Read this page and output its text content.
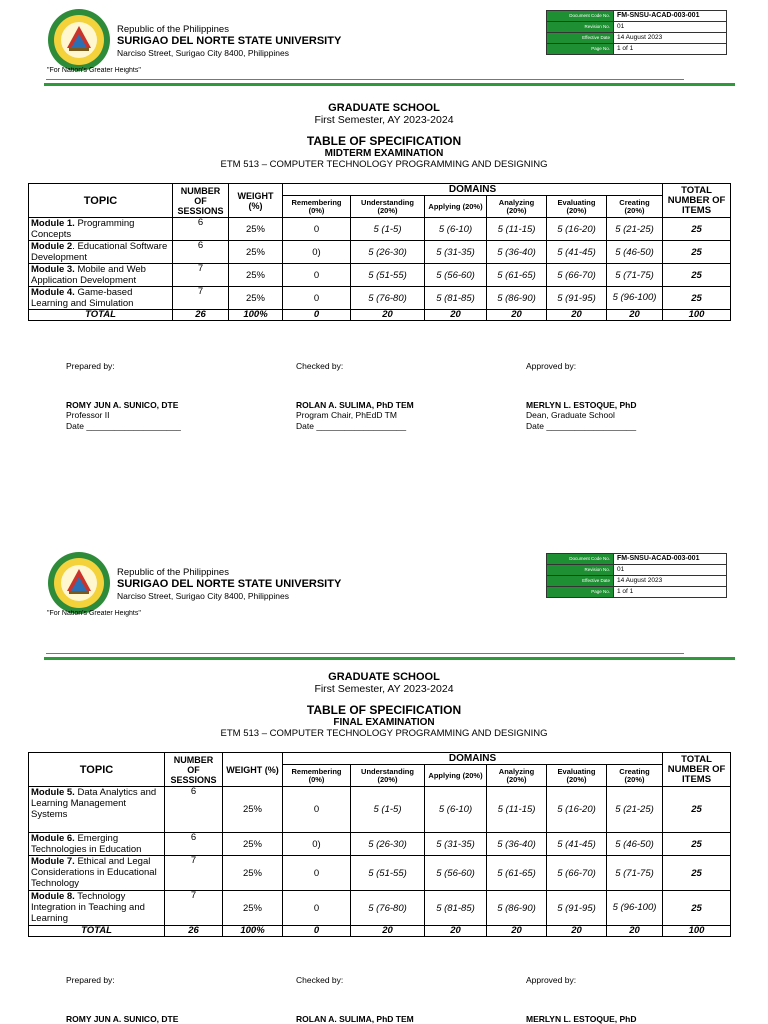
"For Nation's Greater Heights"
Republic of the Philippines
SURIGAO DEL NORTE STATE UNIVERSITY
Narciso Street, Surigao City 8400, Philippines
Document Code No.	FM-SNSU-ACAD-003-001
Revision No.	01
Effective Date	14 August 2023
Page No.	1 of 1
GRADUATE SCHOOL
First Semester, AY 2023-2024
TABLE OF SPECIFICATION
MIDTERM EXAMINATION
ETM 513 – COMPUTER TECHNOLOGY PROGRAMMING AND DESIGNING
TOPIC	NUMBER OF SESSIONS	WEIGHT (%)	DOMAINS						TOTAL NUMBER OF ITEMS
			Remembering (0%)	Understanding (20%)	Applying (20%)	Analyzing (20%)	Evaluating (20%)	Creating (20%)	
Module 1. Programming Concepts	6	25%	0	5 (1-5)	5 (6-10)	5 (11-15)	5 (16-20)	5 (21-25)	25
Module 2. Educational Software Development	6	25%	0)	5 (26-30)	5 (31-35)	5 (36-40)	5 (41-45)	5 (46-50)	25
Module 3. Mobile and Web Application Development	7	25%	0	5 (51-55)	5 (56-60)	5 (61-65)	5 (66-70)	5 (71-75)	25
Module 4. Game-based Learning and Simulation	7	25%	0	5 (76-80)	5 (81-85)	5 (86-90)	5 (91-95)	5 (96-100)	25
TOTAL	26	100%	0	20	20	20	20	20	100
Prepared by:
ROMY JUN A. SUNICO, DTE
Professor II
Date ____________________
Checked by:
ROLAN A. SULIMA, PhD TEM
Program Chair, PhEdD TM
Date ___________________
Approved by:
MERLYN L. ESTOQUE, PhD
Dean, Graduate School
Date ___________________
"For Nation's Greater Heights"
Republic of the Philippines
SURIGAO DEL NORTE STATE UNIVERSITY
Narciso Street, Surigao City 8400, Philippines
Document Code No.	FM-SNSU-ACAD-003-001
Revision No.	01
Effective Date	14 August 2023
Page No.	1 of 1
GRADUATE SCHOOL
First Semester, AY 2023-2024
TABLE OF SPECIFICATION
FINAL EXAMINATION
ETM 513 – COMPUTER TECHNOLOGY PROGRAMMING AND DESIGNING
TOPIC	NUMBER OF SESSIONS	WEIGHT (%)	DOMAINS						TOTAL NUMBER OF ITEMS
			Remembering (0%)	Understanding (20%)	Applying (20%)	Analyzing (20%)	Evaluating (20%)	Creating (20%)	
Module 5. Data Analytics and Learning Management Systems	6	25%	0	5 (1-5)	5 (6-10)	5 (11-15)	5 (16-20)	5 (21-25)	25
Module 6. Emerging Technologies in Education	6	25%	0)	5 (26-30)	5 (31-35)	5 (36-40)	5 (41-45)	5 (46-50)	25
Module 7. Ethical and Legal Considerations in Educational Technology	7	25%	0	5 (51-55)	5 (56-60)	5 (61-65)	5 (66-70)	5 (71-75)	25
Module 8. Technology Integration in Teaching and Learning	7	25%	0	5 (76-80)	5 (81-85)	5 (86-90)	5 (91-95)	5 (96-100)	25
TOTAL	26	100%	0	20	20	20	20	20	100
Prepared by:
ROMY JUN A. SUNICO, DTE
Checked by:
ROLAN A. SULIMA, PhD TEM
Approved by:
MERLYN L. ESTOQUE, PhD
